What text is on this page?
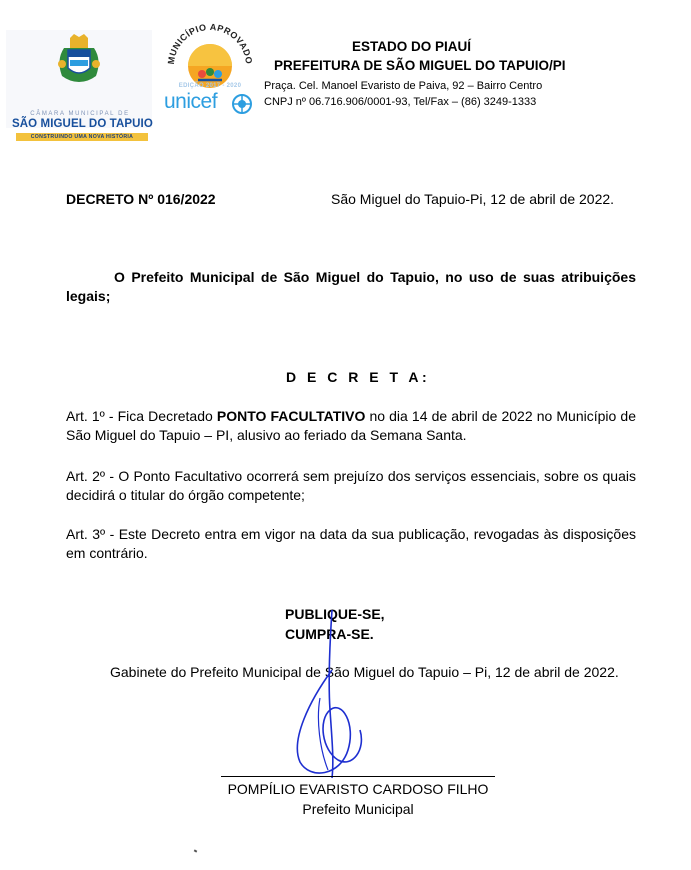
CÂMARA MUNICIPAL DE
SÃO MIGUEL DO TAPUIO
CONSTRUINDO UMA NOVA HISTÓRIA
MUNICÍPIO APROVADO
EDIÇÃO 2017 - 2020
unicef
ESTADO DO PIAUÍ
PREFEITURA DE SÃO MIGUEL DO TAPUIO/PI
Praça. Cel. Manoel Evaristo de Paiva, 92 – Bairro Centro
CNPJ nº 06.716.906/0001-93, Tel/Fax – (86) 3249-1333
DECRETO Nº 016/2022	São Miguel do Tapuio-Pi, 12 de abril de 2022.
O Prefeito Municipal de São Miguel do Tapuio, no uso de suas atribuições legais;
D E C R E T A:
Art. 1º - Fica Decretado PONTO FACULTATIVO no dia 14 de abril de 2022 no Município de São Miguel do Tapuio – PI, alusivo ao feriado da Semana Santa.
Art. 2º - O Ponto Facultativo ocorrerá sem prejuízo dos serviços essenciais, sobre os quais decidirá o titular do órgão competente;
Art. 3º - Este Decreto entra em vigor na data da sua publicação, revogadas às disposições em contrário.
PUBLIQUE-SE,
CUMPRA-SE.
Gabinete do Prefeito Municipal de São Miguel do Tapuio – Pi, 12 de abril de 2022.
POMPÍLIO EVARISTO CARDOSO FILHO
Prefeito Municipal
